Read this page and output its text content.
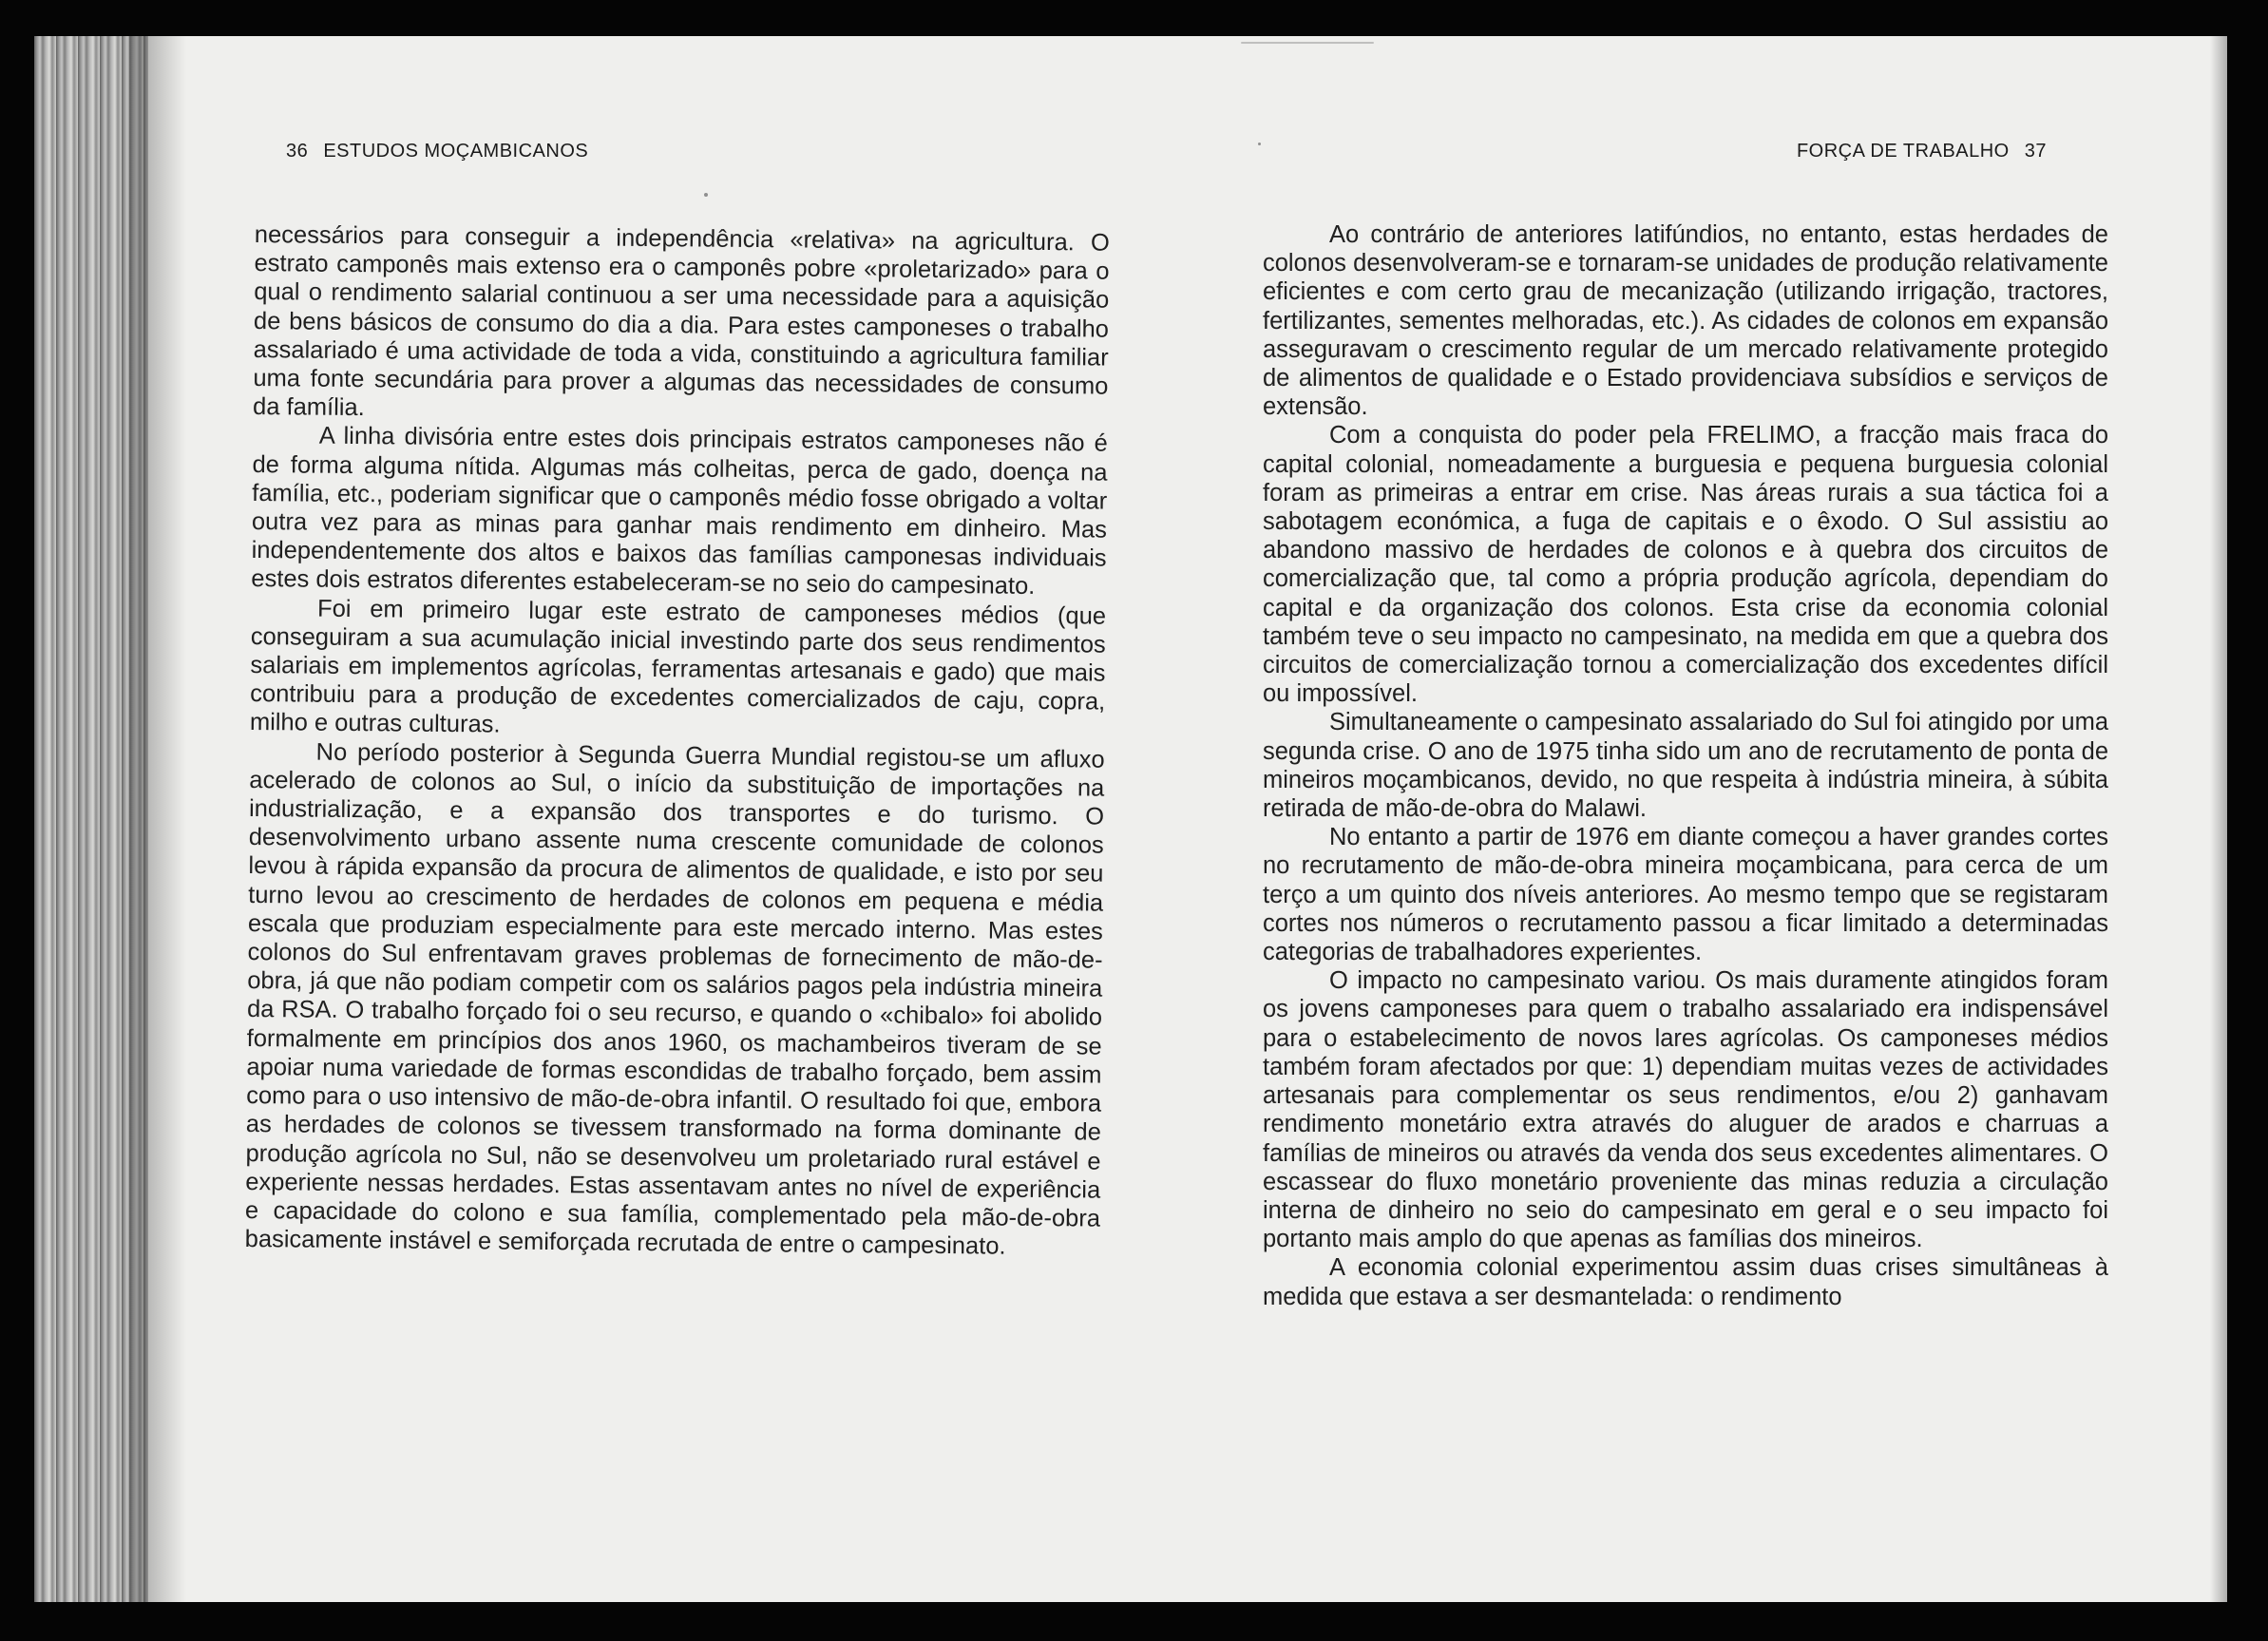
36 ESTUDOS MOÇAMBICANOS

necessários para conseguir a independência «relativa» na agricultura. O estrato camponês mais extenso era o camponês pobre «proletarizado» para o qual o rendimento salarial continuou a ser uma necessidade para a aquisição de bens básicos de consumo do dia a dia. Para estes camponeses o trabalho assalariado é uma actividade de toda a vida, constituindo a agricultura familiar uma fonte secundária para prover a algumas das necessidades de consumo da família.

A linha divisória entre estes dois principais estratos camponeses não é de forma alguma nítida. Algumas más colheitas, perca de gado, doença na família, etc., poderiam significar que o camponês médio fosse obrigado a voltar outra vez para as minas para ganhar mais rendimento em dinheiro. Mas independentemente dos altos e baixos das famílias camponesas individuais estes dois estratos diferentes estabeleceram-se no seio do campesinato.

Foi em primeiro lugar este estrato de camponeses médios (que conseguiram a sua acumulação inicial investindo parte dos seus rendimentos salariais em implementos agrícolas, ferramentas artesanais e gado) que mais contribuiu para a produção de excedentes comercializados de caju, copra, milho e outras culturas.

No período posterior à Segunda Guerra Mundial registou-se um afluxo acelerado de colonos ao Sul, o início da substituição de importações na industrialização, e a expansão dos transportes e do turismo. O desenvolvimento urbano assente numa crescente comunidade de colonos levou à rápida expansão da procura de alimentos de qualidade, e isto por seu turno levou ao crescimento de herdades de colonos em pequena e média escala que produziam especialmente para este mercado interno. Mas estes colonos do Sul enfrentavam graves problemas de fornecimento de mão-de-obra, já que não podiam competir com os salários pagos pela indústria mineira da RSA. O trabalho forçado foi o seu recurso, e quando o «chibalo» foi abolido formalmente em princípios dos anos 1960, os machambeiros tiveram de se apoiar numa variedade de formas escondidas de trabalho forçado, bem assim como para o uso intensivo de mão-de-obra infantil. O resultado foi que, embora as herdades de colonos se tivessem transformado na forma dominante de produção agrícola no Sul, não se desenvolveu um proletariado rural estável e experiente nessas herdades. Estas assentavam antes no nível de experiência e capacidade do colono e sua família, complementado pela mão-de-obra basicamente instável e semiforçada recrutada de entre o campesinato.

FORÇA DE TRABALHO 37

Ao contrário de anteriores latifúndios, no entanto, estas herdades de colonos desenvolveram-se e tornaram-se unidades de produção relativamente eficientes e com certo grau de mecanização (utilizando irrigação, tractores, fertilizantes, sementes melhoradas, etc.). As cidades de colonos em expansão asseguravam o crescimento regular de um mercado relativamente protegido de alimentos de qualidade e o Estado providenciava subsídios e serviços de extensão.

Com a conquista do poder pela FRELIMO, a fracção mais fraca do capital colonial, nomeadamente a burguesia e pequena burguesia colonial foram as primeiras a entrar em crise. Nas áreas rurais a sua táctica foi a sabotagem económica, a fuga de capitais e o êxodo. O Sul assistiu ao abandono massivo de herdades de colonos e à quebra dos circuitos de comercialização que, tal como a própria produção agrícola, dependiam do capital e da organização dos colonos. Esta crise da economia colonial também teve o seu impacto no campesinato, na medida em que a quebra dos circuitos de comercialização tornou a comercialização dos excedentes difícil ou impossível.

Simultaneamente o campesinato assalariado do Sul foi atingido por uma segunda crise. O ano de 1975 tinha sido um ano de recrutamento de ponta de mineiros moçambicanos, devido, no que respeita à indústria mineira, à súbita retirada de mão-de-obra do Malawi.

No entanto a partir de 1976 em diante começou a haver grandes cortes no recrutamento de mão-de-obra mineira moçambicana, para cerca de um terço a um quinto dos níveis anteriores. Ao mesmo tempo que se registaram cortes nos números o recrutamento passou a ficar limitado a determinadas categorias de trabalhadores experientes.

O impacto no campesinato variou. Os mais duramente atingidos foram os jovens camponeses para quem o trabalho assalariado era indispensável para o estabelecimento de novos lares agrícolas. Os camponeses médios também foram afectados por que: 1) dependiam muitas vezes de actividades artesanais para complementar os seus rendimentos, e/ou 2) ganhavam rendimento monetário extra através do aluguer de arados e charruas a famílias de mineiros ou através da venda dos seus excedentes alimentares. O escassear do fluxo monetário proveniente das minas reduzia a circulação interna de dinheiro no seio do campesinato em geral e o seu impacto foi portanto mais amplo do que apenas as famílias dos mineiros.

A economia colonial experimentou assim duas crises simultâneas à medida que estava a ser desmantelada: o rendimento
